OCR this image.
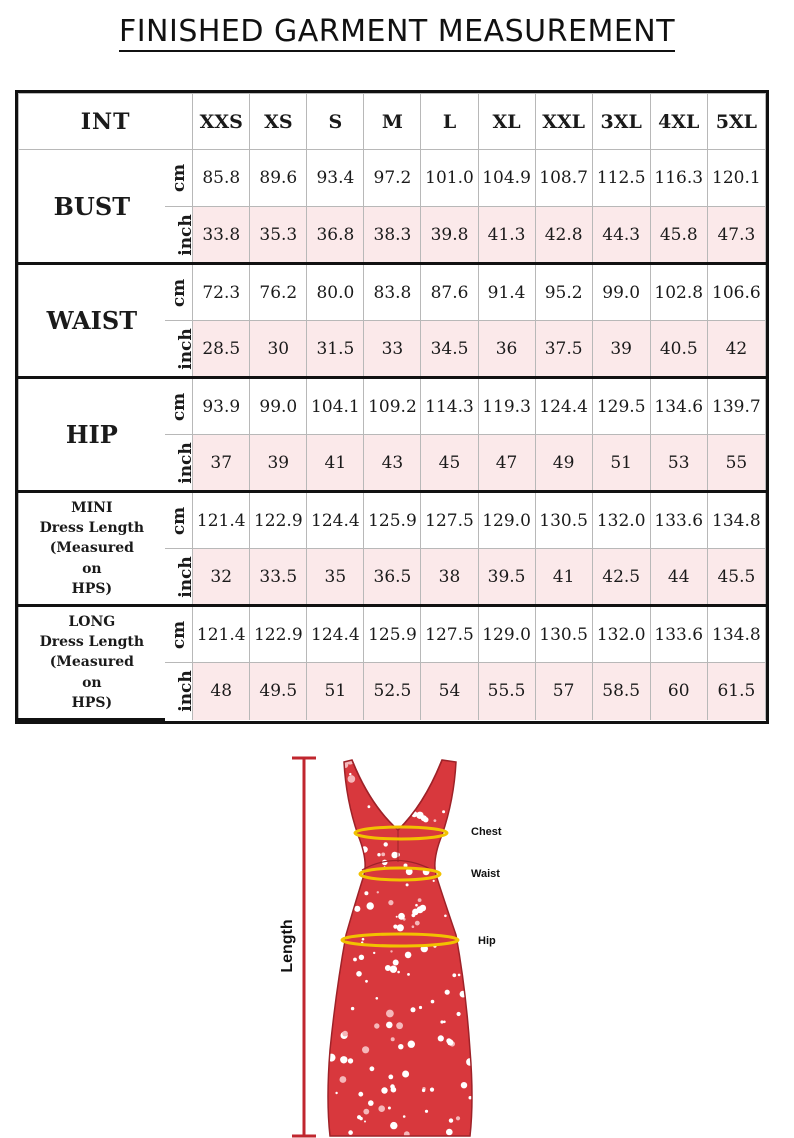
FINISHED GARMENT MEASUREMENT
INT		XXS	XS	S	M	L	XL	XXL	3XL	4XL	5XL
BUST	cm	85.8	89.6	93.4	97.2	101.0	104.9	108.7	112.5	116.3	120.1
	inch	33.8	35.3	36.8	38.3	39.8	41.3	42.8	44.3	45.8	47.3
WAIST	cm	72.3	76.2	80.0	83.8	87.6	91.4	95.2	99.0	102.8	106.6
	inch	28.5	30	31.5	33	34.5	36	37.5	39	40.5	42
HIP	cm	93.9	99.0	104.1	109.2	114.3	119.3	124.4	129.5	134.6	139.7
	inch	37	39	41	43	45	47	49	51	53	55

MINI
Dress Length
(Measured
on
HPS)	cm	121.4	122.9	124.4	125.9	127.5	129.0	130.5	132.0	133.6	134.8
	inch	32	33.5	35	36.5	38	39.5	41	42.5	44	45.5

LONG
Dress Length
(Measured
on
HPS)	cm	121.4	122.9	124.4	125.9	127.5	129.0	130.5	132.0	133.6	134.8
	inch	48	49.5	51	52.5	54	55.5	57	58.5	60	61.5
Length
Chest
Waist
Hip
